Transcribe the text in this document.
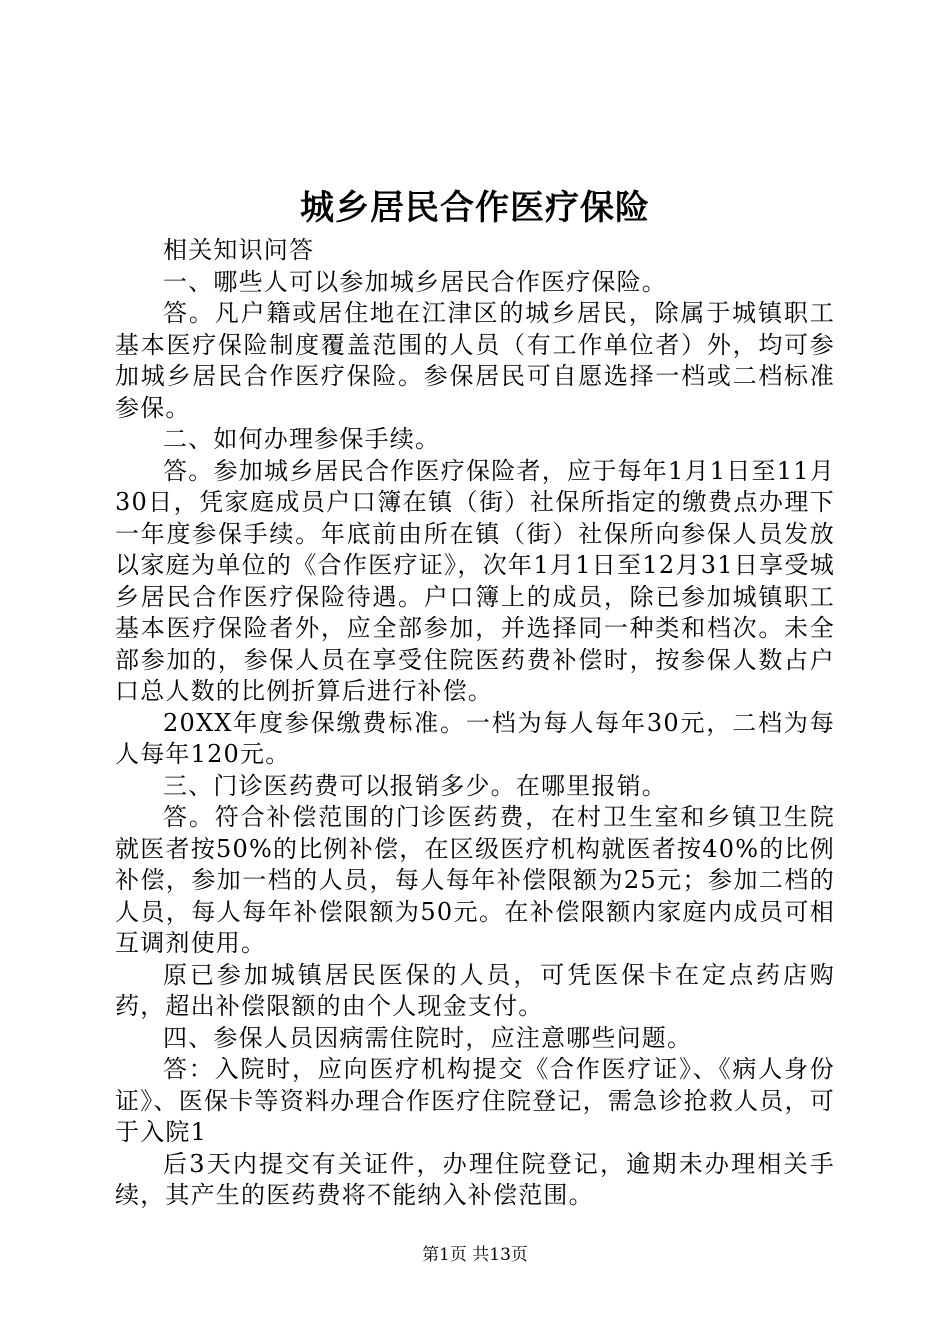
城乡居民合作医疗保险

相关知识问答

一、哪些人可以参加城乡居民合作医疗保险。

答。凡户籍或居住地在江津区的城乡居民，除属于城镇职工基本医疗保险制度覆盖范围的人员（有工作单位者）外，均可参加城乡居民合作医疗保险。参保居民可自愿选择一档或二档标准参保。

二、如何办理参保手续。

答。参加城乡居民合作医疗保险者，应于每年1月1日至11月30日，凭家庭成员户口簿在镇（街）社保所指定的缴费点办理下一年度参保手续。年底前由所在镇（街）社保所向参保人员发放以家庭为单位的《合作医疗证》，次年1月1日至12月31日享受城乡居民合作医疗保险待遇。户口簿上的成员，除已参加城镇职工基本医疗保险者外，应全部参加，并选择同一种类和档次。未全部参加的，参保人员在享受住院医药费补偿时，按参保人数占户口总人数的比例折算后进行补偿。

20XX年度参保缴费标准。一档为每人每年30元，二档为每人每年120元。

三、门诊医药费可以报销多少。在哪里报销。

答。符合补偿范围的门诊医药费，在村卫生室和乡镇卫生院就医者按50%的比例补偿，在区级医疗机构就医者按40%的比例补偿，参加一档的人员，每人每年补偿限额为25元；参加二档的人员，每人每年补偿限额为50元。在补偿限额内家庭内成员可相互调剂使用。

原已参加城镇居民医保的人员，可凭医保卡在定点药店购药，超出补偿限额的由个人现金支付。

四、参保人员因病需住院时，应注意哪些问题。

答：入院时，应向医疗机构提交《合作医疗证》、《病人身份证》、医保卡等资料办理合作医疗住院登记，需急诊抢救人员，可于入院1

后3天内提交有关证件，办理住院登记，逾期未办理相关手续，其产生的医药费将不能纳入补偿范围。

第1页 共13页
